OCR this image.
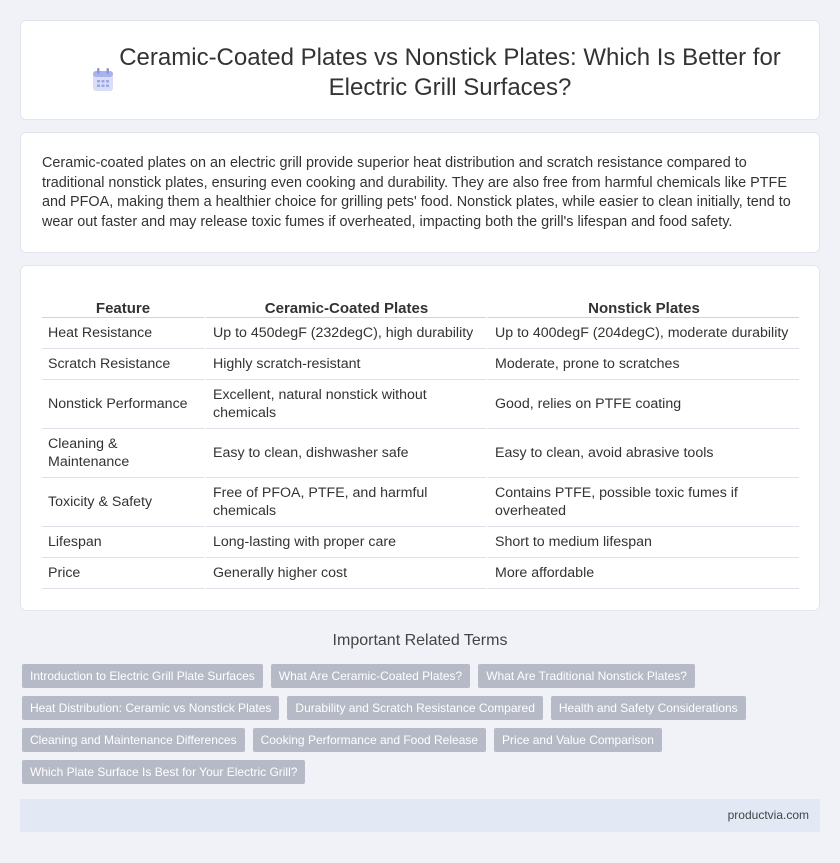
Ceramic-Coated Plates vs Nonstick Plates: Which Is Better for Electric Grill Surfaces?

Ceramic-coated plates on an electric grill provide superior heat distribution and scratch resistance compared to traditional nonstick plates, ensuring even cooking and durability. They are also free from harmful chemicals like PTFE and PFOA, making them a healthier choice for grilling pets' food. Nonstick plates, while easier to clean initially, tend to wear out faster and may release toxic fumes if overheated, impacting both the grill's lifespan and food safety.

Feature	Ceramic-Coated Plates	Nonstick Plates
Heat Resistance	Up to 450degF (232degC), high durability	Up to 400degF (204degC), moderate durability
Scratch Resistance	Highly scratch-resistant	Moderate, prone to scratches
Nonstick Performance	Excellent, natural nonstick without chemicals	Good, relies on PTFE coating
Cleaning & Maintenance	Easy to clean, dishwasher safe	Easy to clean, avoid abrasive tools
Toxicity & Safety	Free of PFOA, PTFE, and harmful chemicals	Contains PTFE, possible toxic fumes if overheated
Lifespan	Long-lasting with proper care	Short to medium lifespan
Price	Generally higher cost	More affordable
Important Related Terms
Introduction to Electric Grill Plate Surfaces	What Are Ceramic-Coated Plates?	What Are Traditional Nonstick Plates?
Heat Distribution: Ceramic vs Nonstick Plates	Durability and Scratch Resistance Compared	Health and Safety Considerations
Cleaning and Maintenance Differences	Cooking Performance and Food Release	Price and Value Comparison
Which Plate Surface Is Best for Your Electric Grill?
productvia.com
